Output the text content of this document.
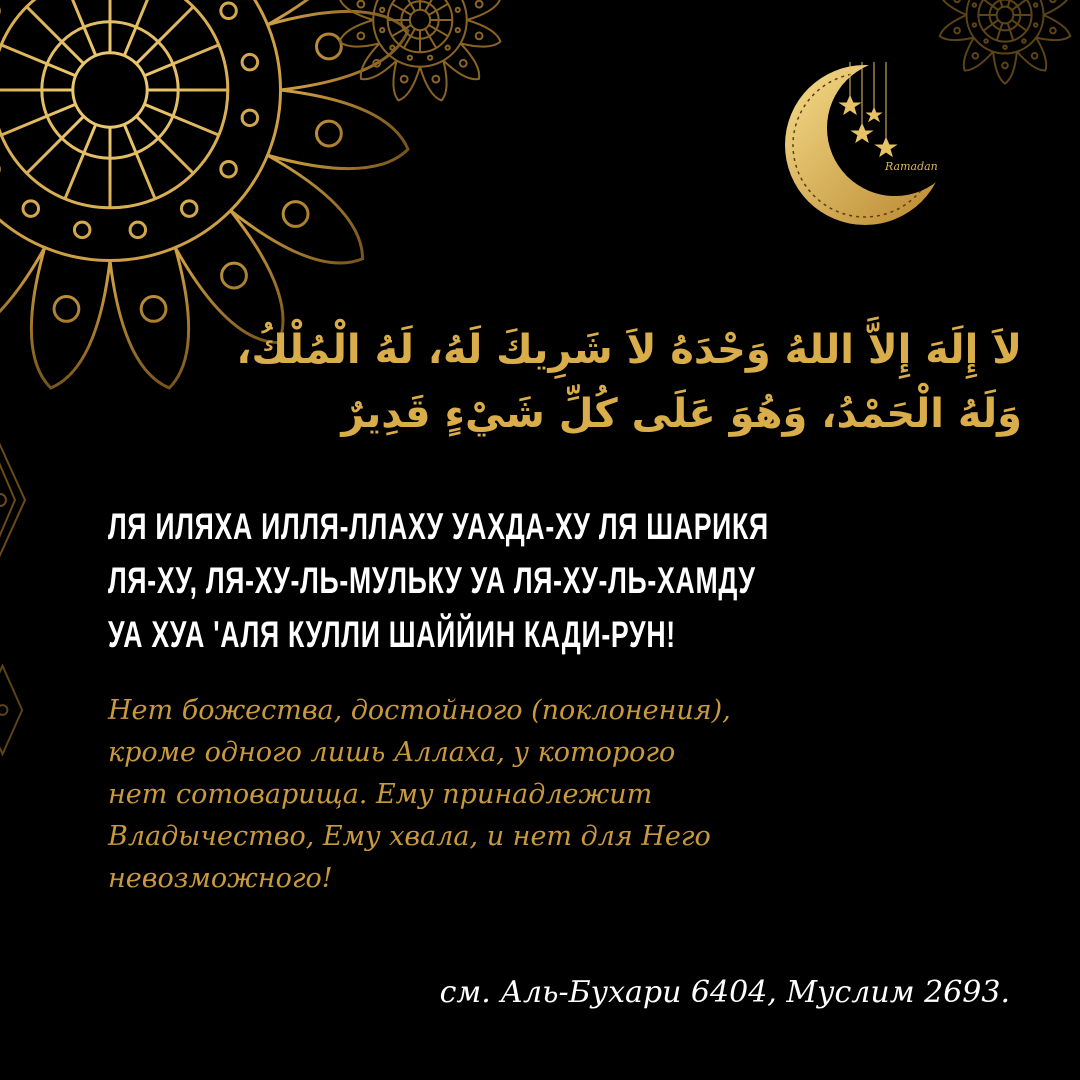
Ramadan
لاَ إِلَهَ إِلاَّ اللهُ وَحْدَهُ لاَ شَرِيكَ لَهُ، لَهُ الْمُلْكُ،
وَلَهُ الْحَمْدُ، وَهُوَ عَلَى كُلِّ شَيْءٍ قَدِيرٌ
ЛЯ ИЛЯХА ИЛЛЯ-ЛЛАХУ УАХДА-ХУ ЛЯ ШАРИКЯ
ЛЯ-ХУ, ЛЯ-ХУ-ЛЬ-МУЛЬКУ УА ЛЯ-ХУ-ЛЬ-ХАМДУ
УА ХУА 'АЛЯ КУЛЛИ ШАЙЙИН КАДИ-РУН!
Нет божества, достойного (поклонения),
кроме одного лишь Аллаха, у которого
нет сотоварища. Ему принадлежит
Владычество, Ему хвала, и нет для Него
невозможного!
см. Аль-Бухари 6404, Муслим 2693.
